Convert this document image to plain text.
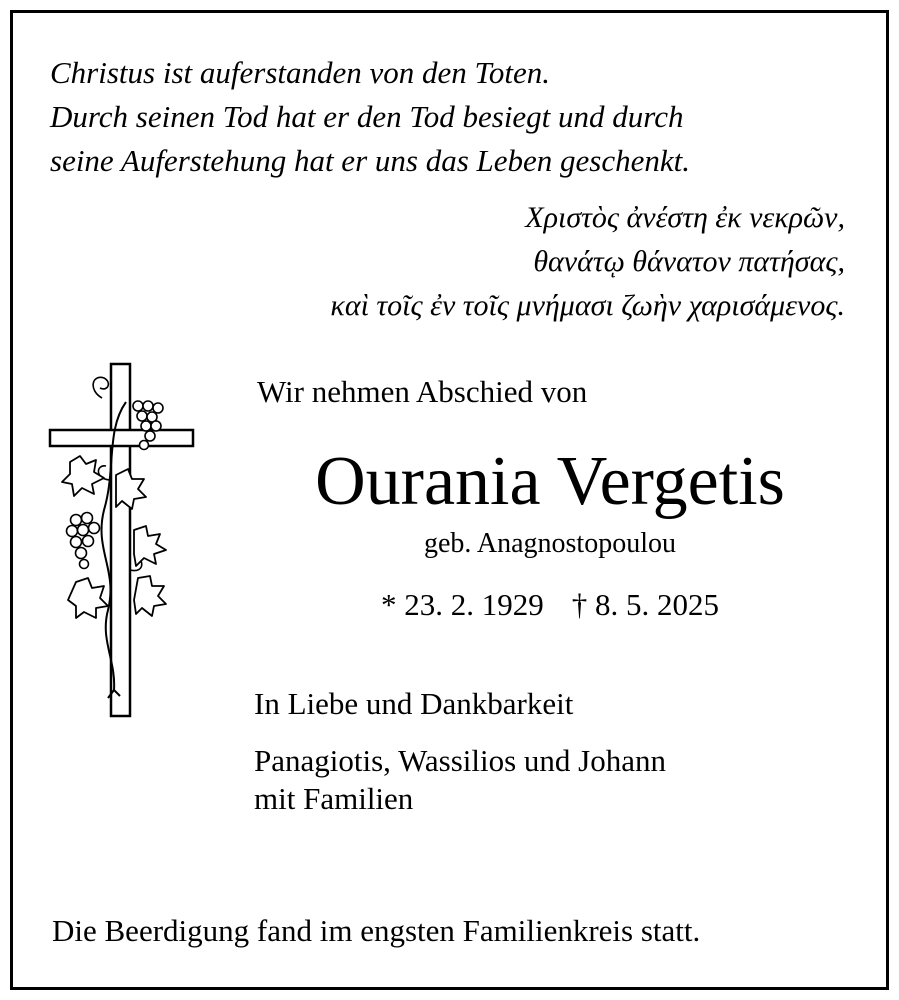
Christus ist auferstanden von den Toten.
Durch seinen Tod hat er den Tod besiegt und durch
seine Auferstehung hat er uns das Leben geschenkt.
Χριστὸς ἀνέστη ἐκ νεκρῶν,
θανάτῳ θάνατον πατήσας,
καὶ τοῖς ἐν τοῖς μνήμασι ζωὴν χαρισάμενος.
Wir nehmen Abschied von
Ourania Vergetis
geb. Anagnostopoulou
* 23. 2. 1929 † 8. 5. 2025
In Liebe und Dankbarkeit
Panagiotis, Wassilios und Johann
mit Familien
Die Beerdigung fand im engsten Familienkreis statt.
